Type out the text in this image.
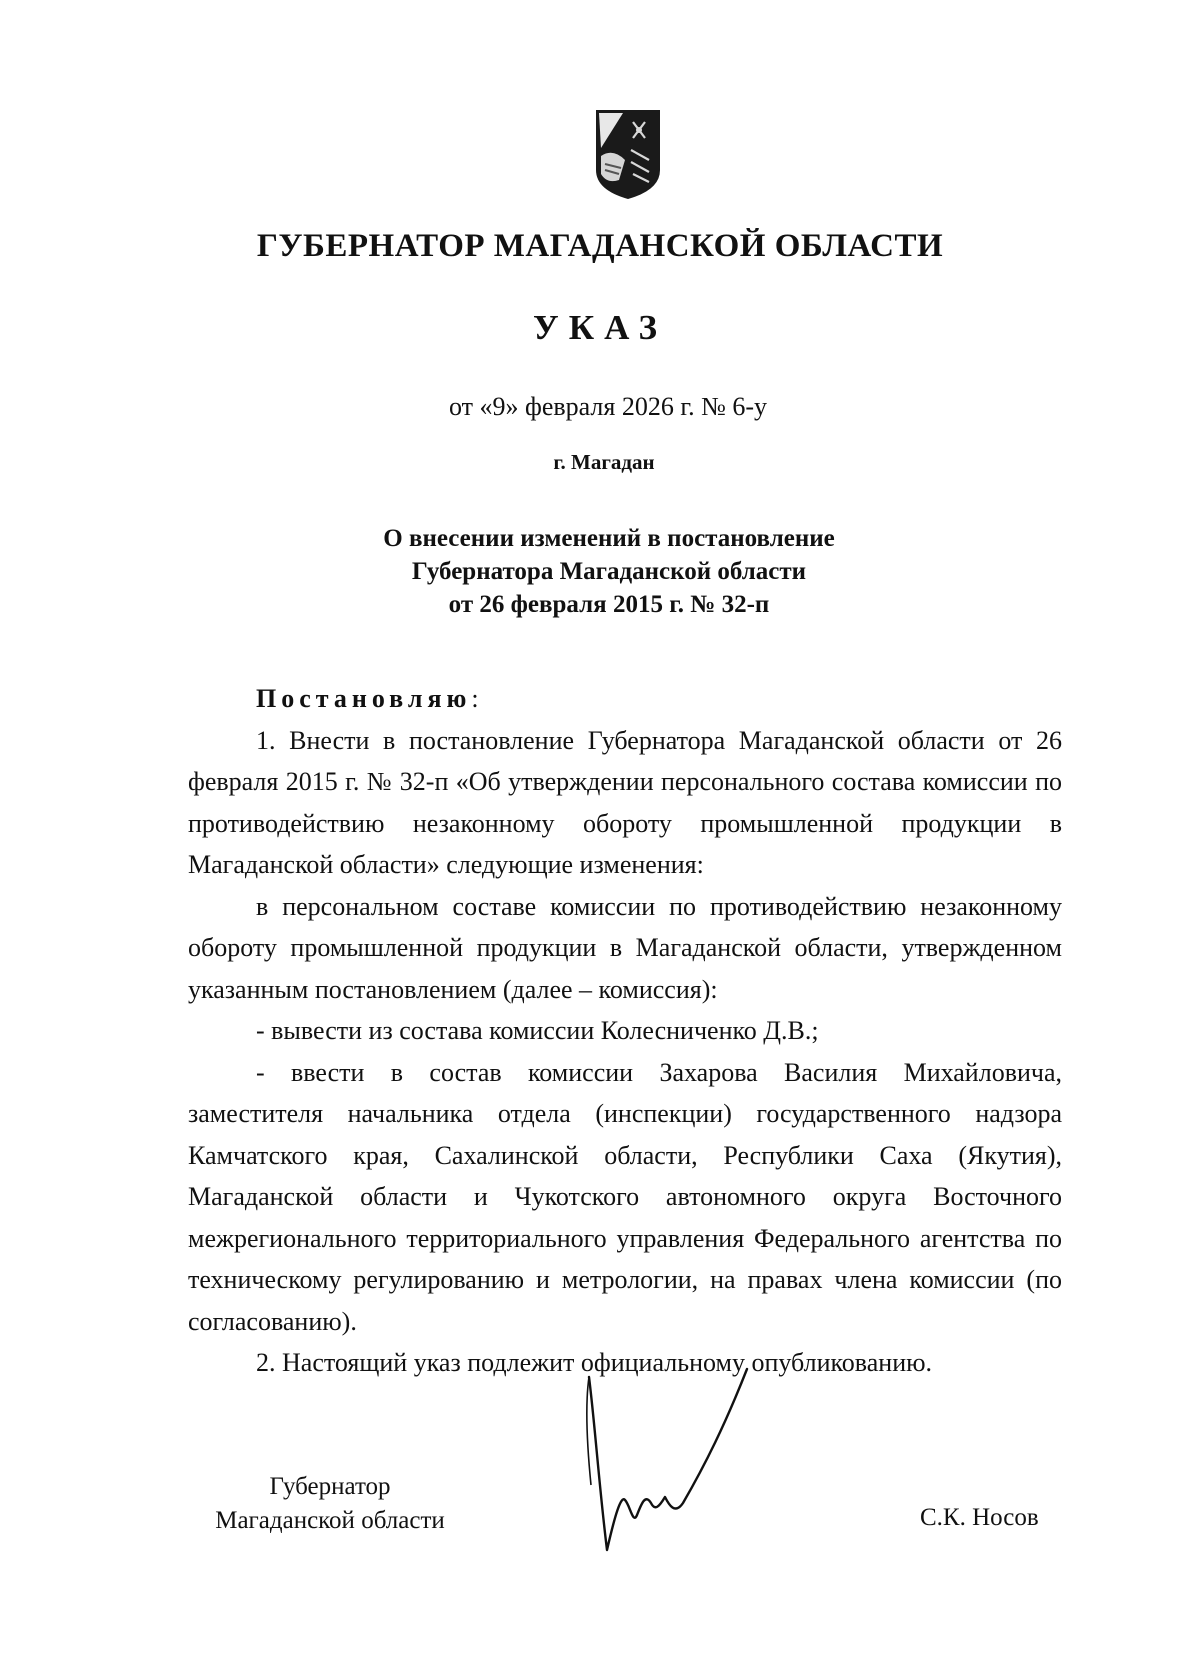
ГУБЕРНАТОР МАГАДАНСКОЙ ОБЛАСТИ
УКАЗ
от «9» февраля 2026 г. № 6-у
г. Магадан
О внесении изменений в постановление
Губернатора Магаданской области
от 26 февраля 2015 г. № 32-п
Постановляю:

1. Внести в постановление Губернатора Магаданской области от 26 февраля 2015 г. № 32-п «Об утверждении персонального состава комиссии по противодействию незаконному обороту промышленной продукции в Магаданской области» следующие изменения:

в персональном составе комиссии по противодействию незаконному обороту промышленной продукции в Магаданской области, утвержденном указанным постановлением (далее – комиссия):

- вывести из состава комиссии Колесниченко Д.В.;

- ввести в состав комиссии Захарова Василия Михайловича, заместителя начальника отдела (инспекции) государственного надзора Камчатского края, Сахалинской области, Республики Саха (Якутия), Магаданской области и Чукотского автономного округа Восточного межрегионального территориального управления Федерального агентства по техническому регулированию и метрологии, на правах члена комиссии (по согласованию).

2. Настоящий указ подлежит официальному опубликованию.

Губернатор
Магаданской области	С.К. Носов
